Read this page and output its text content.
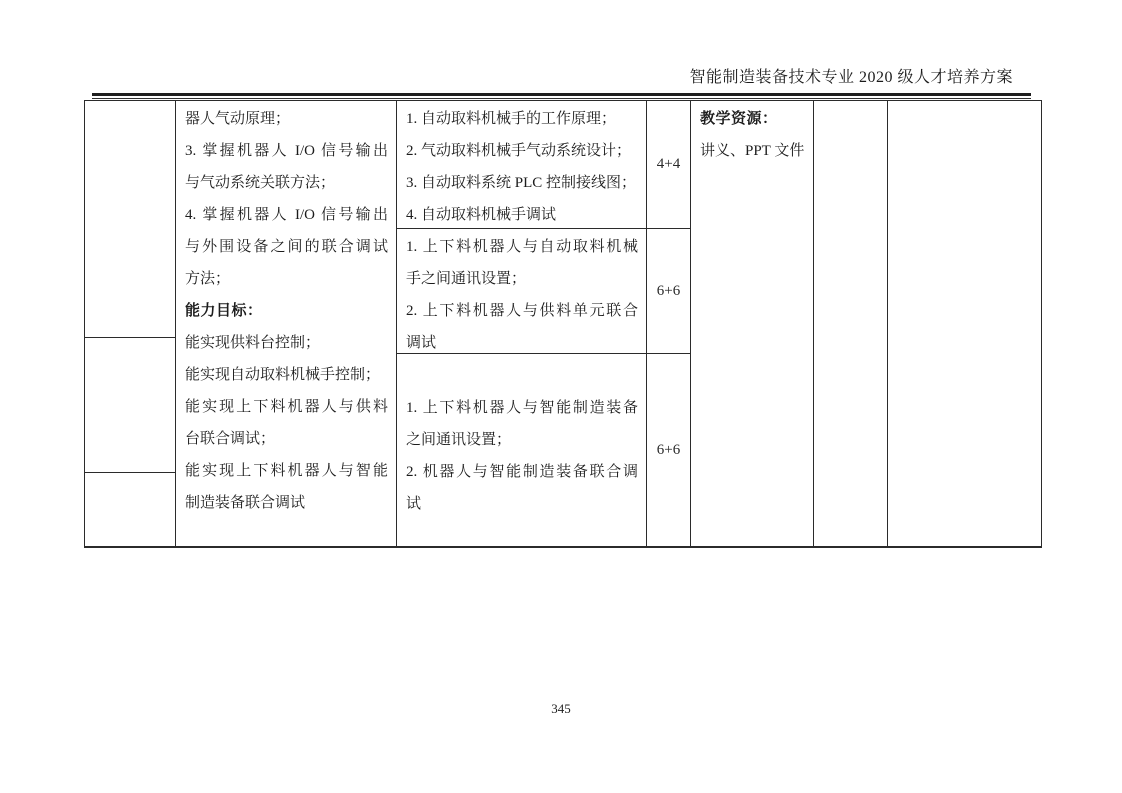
智能制造装备技术专业 2020 级人才培养方案
器人气动原理；
3. 掌握机器人 I/O 信号输出
与气动系统关联方法；
4. 掌握机器人 I/O 信号输出
与外围设备之间的联合调试
方法；
能力目标：
能实现供料台控制；
能实现自动取料机械手控制；
能实现上下料机器人与供料
台联合调试；
能实现上下料机器人与智能
制造装备联合调试
1. 自动取料机械手的工作原理；
2. 气动取料机械手气动系统设计；
3. 自动取料系统 PLC 控制接线图；
4. 自动取料机械手调试
1. 上下料机器人与自动取料机械
手之间通讯设置；
2. 上下料机器人与供料单元联合
调试
1. 上下料机器人与智能制造装备
之间通讯设置；
2. 机器人与智能制造装备联合调
试
4+4
6+6
6+6
教学资源：
讲义、PPT 文件
345
